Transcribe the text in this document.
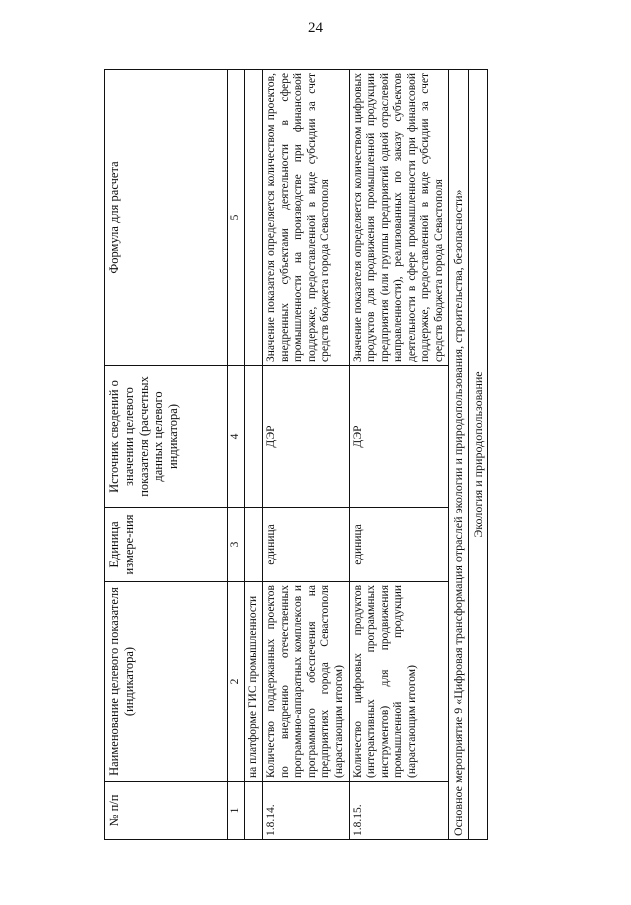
24
№ п/п	Наименование целевого показателя (индикатора)	Единица измере-ния	Источник сведений о значении целевого показателя (расчетных данных целевого индикатора)	Формула для расчета
1	2	3	4	5
	на платформе ГИС промышленности			
1.8.14.	Количество поддержанных проектов по внедрению отечественных программно-аппаратных комплексов и программного обеспечения на предприятиях города Севастополя (нарастающим итогом)	единица	ДЭР	Значение показателя определяется количеством проектов, внедренных субъектами деятельности в сфере промышленности на производстве при финансовой поддержке, предоставленной в виде субсидии за счет средств бюджета города Севастополя
1.8.15.	Количество цифровых продуктов (интерактивных программных инструментов) для продвижения промышленной продукции (нарастающим итогом)	единица	ДЭР	Значение показателя определяется количеством цифровых продуктов для продвижения промышленной продукции предприятия (или группы предприятий одной отраслевой направленности), реализованных по заказу субъектов деятельности в сфере промышленности при финансовой поддержке, предоставленной в виде субсидии за счет средств бюджета города Севастополя
Основное мероприятие 9 «Цифровая трансформация отраслей экологии и природопользования, строительства, безопасности»				
Экология и природопользование				
